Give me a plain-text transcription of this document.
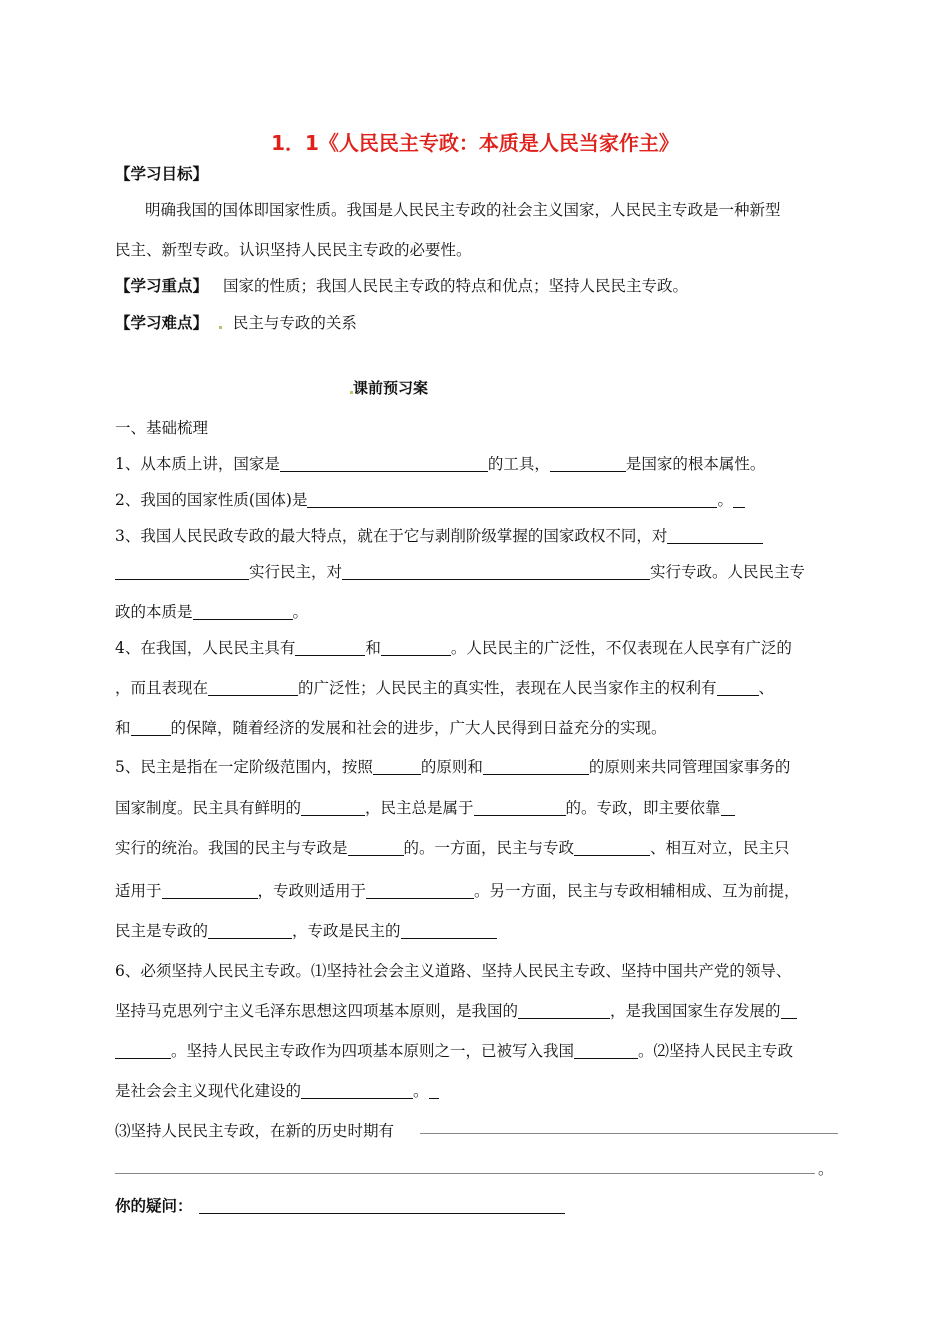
1．1《人民民主专政：本质是人民当家作主》
【学习目标】
明确我国的国体即国家性质。我国是人民民主专政的社会主义国家，人民民主专政是一种新型
民主、新型专政。认识坚持人民民主专政的必要性。
【学习重点】 国家的性质；我国人民民主专政的特点和优点；坚持人民民主专政。
【学习难点】 民主与专政的关系
课前预习案
一、基础梳理
1、从本质上讲，国家是	的工具，	是国家的根本属性。
2、我国的国家性质(国体)是	。
3、我国人民民政专政的最大特点，就在于它与剥削阶级掌握的国家政权不同，对
实行民主，对	实行专政。人民民主专
政的本质是	。
4、在我国，人民民主具有	和	。人民民主的广泛性，不仅表现在人民享有广泛的
，而且表现在	的广泛性；人民民主的真实性，表现在人民当家作主的权利有	、
和	的保障，随着经济的发展和社会的进步，广大人民得到日益充分的实现。
5、民主是指在一定阶级范围内，按照	的原则和	的原则来共同管理国家事务的
国家制度。民主具有鲜明的	，民主总是属于	的。专政，即主要依靠
实行的统治。我国的民主与专政是	的。一方面，民主与专政	、相互对立，民主只
适用于	，专政则适用于	。另一方面，民主与专政相辅相成、互为前提，
民主是专政的	，专政是民主的
6、必须坚持人民民主专政。⑴坚持社会会主义道路、坚持人民民主专政、坚持中国共产党的领导、
坚持马克思列宁主义毛泽东思想这四项基本原则，是我国的	，是我国国家生存发展的
。坚持人民民主专政作为四项基本原则之一，已被写入我国	。⑵坚持人民民主专政
是社会会主义现代化建设的	。
⑶坚持人民民主专政，在新的历史时期有
。
你的疑问：
